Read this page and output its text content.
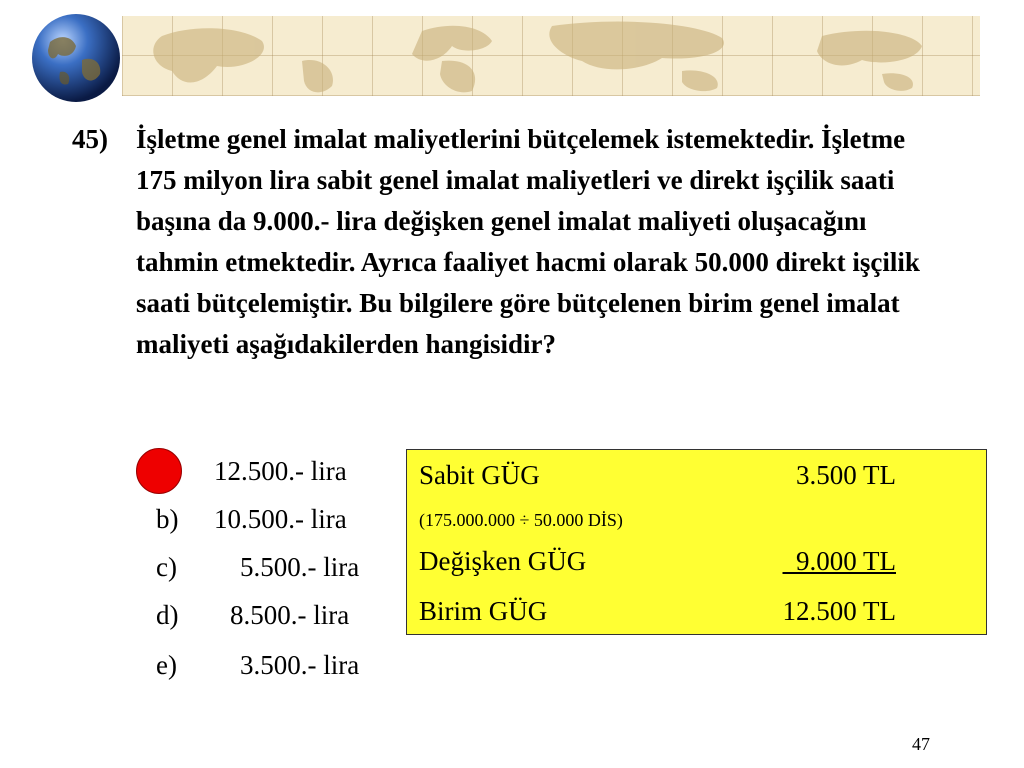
45) İşletme genel imalat maliyetlerini bütçelemek istemektedir. İşletme 175 milyon lira sabit genel imalat maliyetleri ve direkt işçilik saati başına da 9.000.- lira değişken genel imalat maliyeti oluşacağını tahmin etmektedir. Ayrıca faaliyet hacmi olarak 50.000 direkt işçilik saati bütçelemiştir. Bu bilgilere göre bütçelenen birim genel imalat maliyeti aşağıdakilerden hangisidir?
12.500.- lira
b) 10.500.- lira
c) 5.500.- lira
d) 8.500.- lira
e) 3.500.- lira
Sabit GÜG	3.500 TL
(175.000.000 ÷ 50.000 DİS)
Değişken GÜG	9.000 TL
Birim GÜG	12.500 TL
47
